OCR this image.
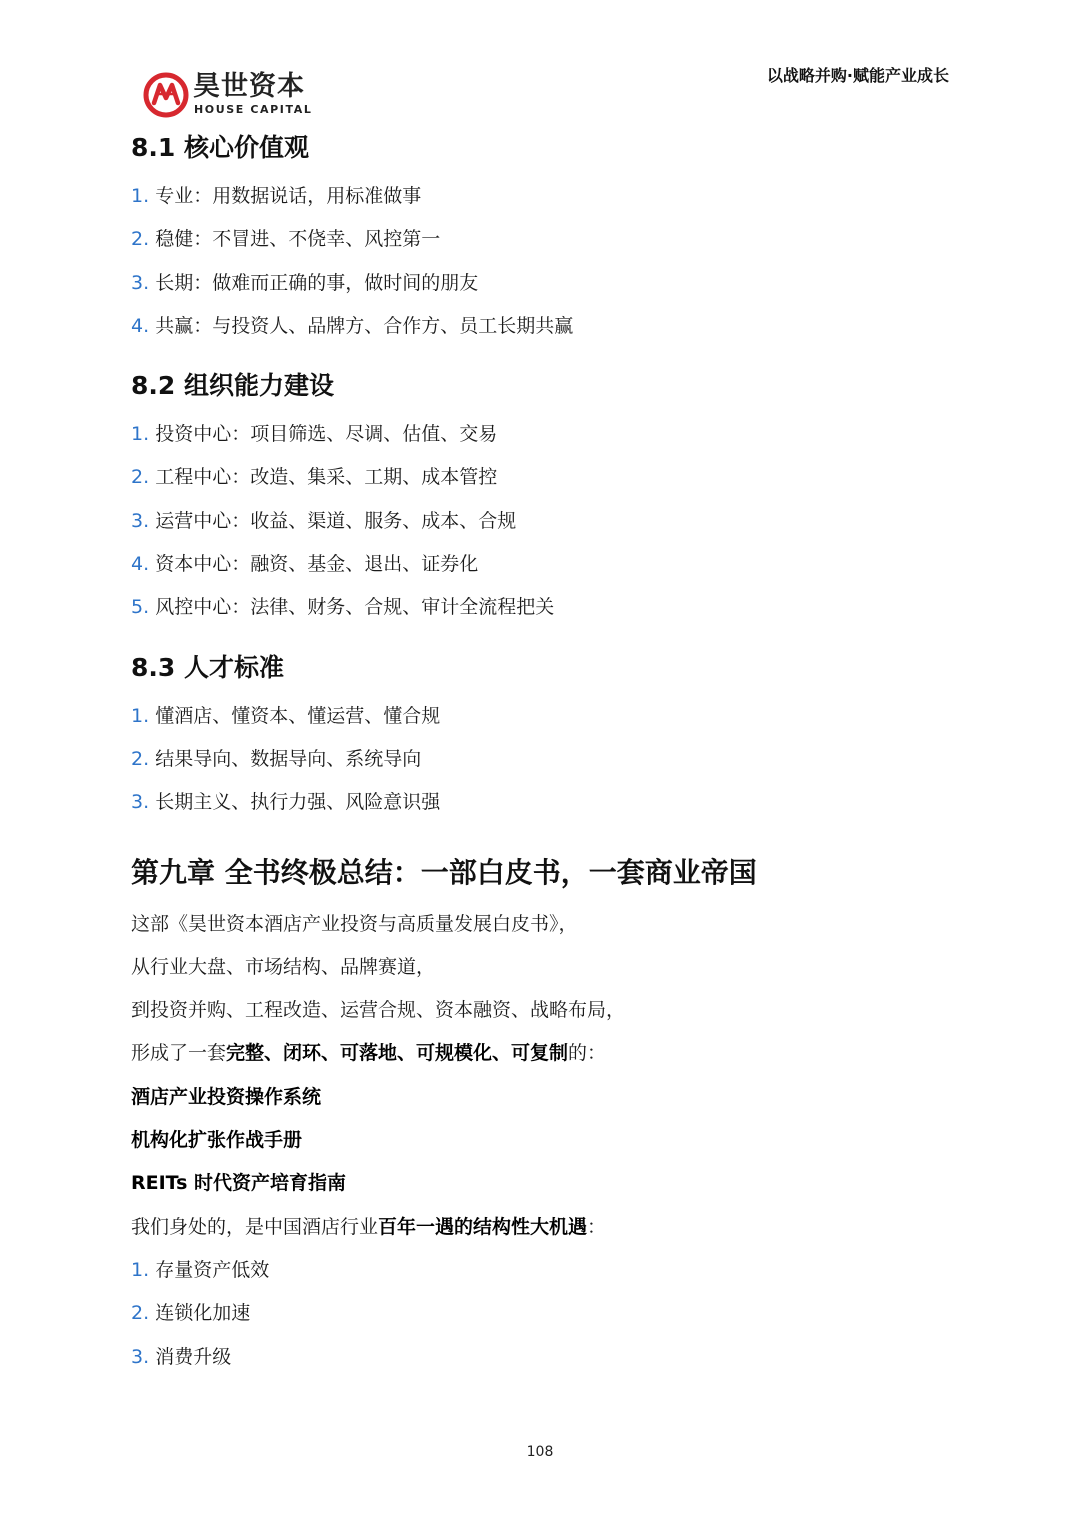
昊世资本
HOUSE CAPITAL
以战略并购·赋能产业成长
8.1 核心价值观
1. 专业：用数据说话，用标准做事
2. 稳健：不冒进、不侥幸、风控第一
3. 长期：做难而正确的事，做时间的朋友
4. 共赢：与投资人、品牌方、合作方、员工长期共赢
8.2 组织能力建设
1. 投资中心：项目筛选、尽调、估值、交易
2. 工程中心：改造、集采、工期、成本管控
3. 运营中心：收益、渠道、服务、成本、合规
4. 资本中心：融资、基金、退出、证券化
5. 风控中心：法律、财务、合规、审计全流程把关
8.3 人才标准
1. 懂酒店、懂资本、懂运营、懂合规
2. 结果导向、数据导向、系统导向
3. 长期主义、执行力强、风险意识强
第九章 全书终极总结：一部白皮书，一套商业帝国
这部《昊世资本酒店产业投资与高质量发展白皮书》，
从行业大盘、市场结构、品牌赛道，
到投资并购、工程改造、运营合规、资本融资、战略布局，
形成了一套完整、闭环、可落地、可规模化、可复制的：
酒店产业投资操作系统
机构化扩张作战手册
REITs 时代资产培育指南
我们身处的，是中国酒店行业百年一遇的结构性大机遇：
1. 存量资产低效
2. 连锁化加速
3. 消费升级
108
